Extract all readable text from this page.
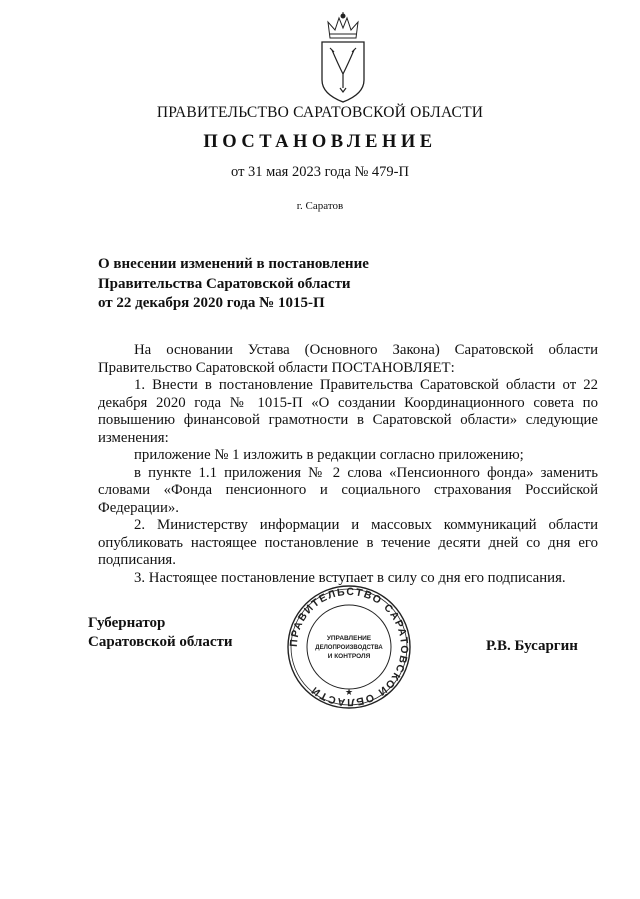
ПРАВИТЕЛЬСТВО САРАТОВСКОЙ ОБЛАСТИ
ПОСТАНОВЛЕНИЕ
от 31 мая 2023 года № 479-П
г. Саратов
О внесении изменений в постановление
Правительства Саратовской области
от 22 декабря 2020 года № 1015-П
На основании Устава (Основного Закона) Саратовской области
Правительство Саратовской области ПОСТАНОВЛЯЕТ:
1. Внести в постановление Правительства Саратовской области от 22 декабря 2020 года № 1015-П «О создании Координационного совета по повышению финансовой грамотности в Саратовской области» следующие изменения:
приложение № 1 изложить в редакции согласно приложению;
в пункте 1.1 приложения № 2 слова «Пенсионного фонда» заменить словами «Фонда пенсионного и социального страхования Российской Федерации».
2. Министерству информации и массовых коммуникаций области опубликовать настоящее постановление в течение десяти дней со дня его подписания.
3. Настоящее постановление вступает в силу со дня его подписания.
Губернатор
Саратовской области	Р.В. Бусаргин
ПРАВИТЕЛЬСТВО САРАТОВСКОЙ ОБЛАСТИ
УПРАВЛЕНИЕ
ДЕЛОПРОИЗВОДСТВА
И КОНТРОЛЯ
★
